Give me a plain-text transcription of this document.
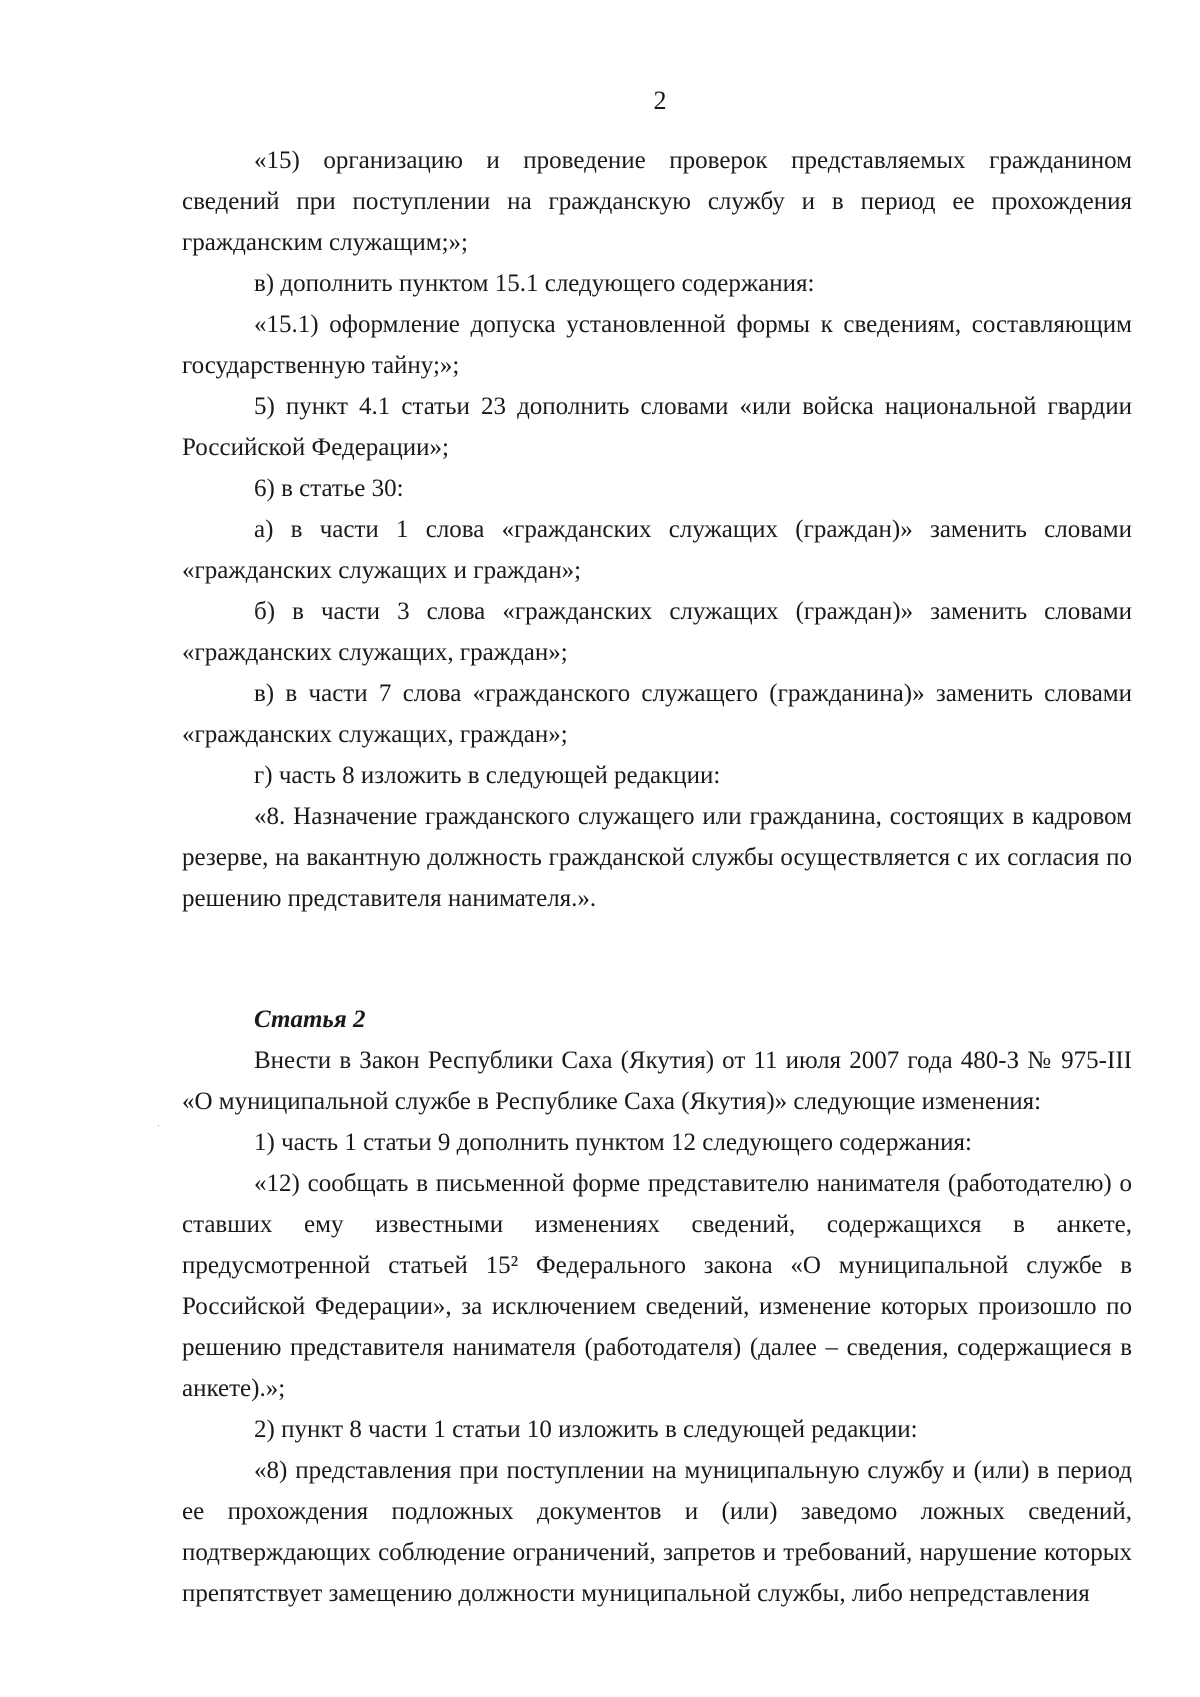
2

«15) организацию и проведение проверок представляемых гражданином сведений при поступлении на гражданскую службу и в период ее прохождения гражданским служащим;»;

в) дополнить пунктом 15.1 следующего содержания:

«15.1) оформление допуска установленной формы к сведениям, составляющим государственную тайну;»;

5) пункт 4.1 статьи 23 дополнить словами «или войска национальной гвардии Российской Федерации»;

6) в статье 30:

а) в части 1 слова «гражданских служащих (граждан)» заменить словами «гражданских служащих и граждан»;

б) в части 3 слова «гражданских служащих (граждан)» заменить словами «гражданских служащих, граждан»;

в) в части 7 слова «гражданского служащего (гражданина)» заменить словами «гражданских служащих, граждан»;

г) часть 8 изложить в следующей редакции:

«8. Назначение гражданского служащего или гражданина, состоящих в кадровом резерве, на вакантную должность гражданской службы осуществляется с их согласия по решению представителя нанимателя.».

Статья 2

Внести в Закон Республики Саха (Якутия) от 11 июля 2007 года 480-З № 975-III «О муниципальной службе в Республике Саха (Якутия)» следующие изменения:

1) часть 1 статьи 9 дополнить пунктом 12 следующего содержания:

«12) сообщать в письменной форме представителю нанимателя (работодателю) о ставших ему известными изменениях сведений, содержащихся в анкете, предусмотренной статьей 15² Федерального закона «О муниципальной службе в Российской Федерации», за исключением сведений, изменение которых произошло по решению представителя нанимателя (работодателя) (далее – сведения, содержащиеся в анкете).»;

2) пункт 8 части 1 статьи 10 изложить в следующей редакции:

«8) представления при поступлении на муниципальную службу и (или) в период ее прохождения подложных документов и (или) заведомо ложных сведений, подтверждающих соблюдение ограничений, запретов и требований, нарушение которых препятствует замещению должности муниципальной службы, либо непредставления
